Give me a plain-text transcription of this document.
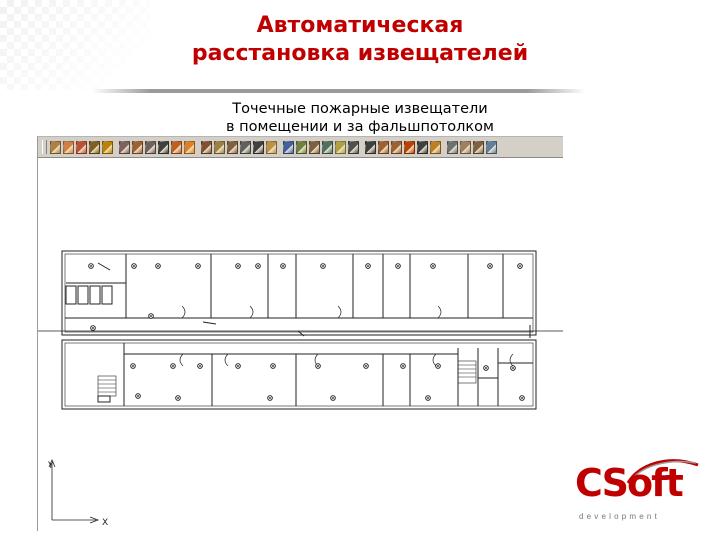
Автоматическая
расстановка извещателей
Точечные пожарные извещатели
в помещении и за фальшпотолком
Y
X
CSoft
development
